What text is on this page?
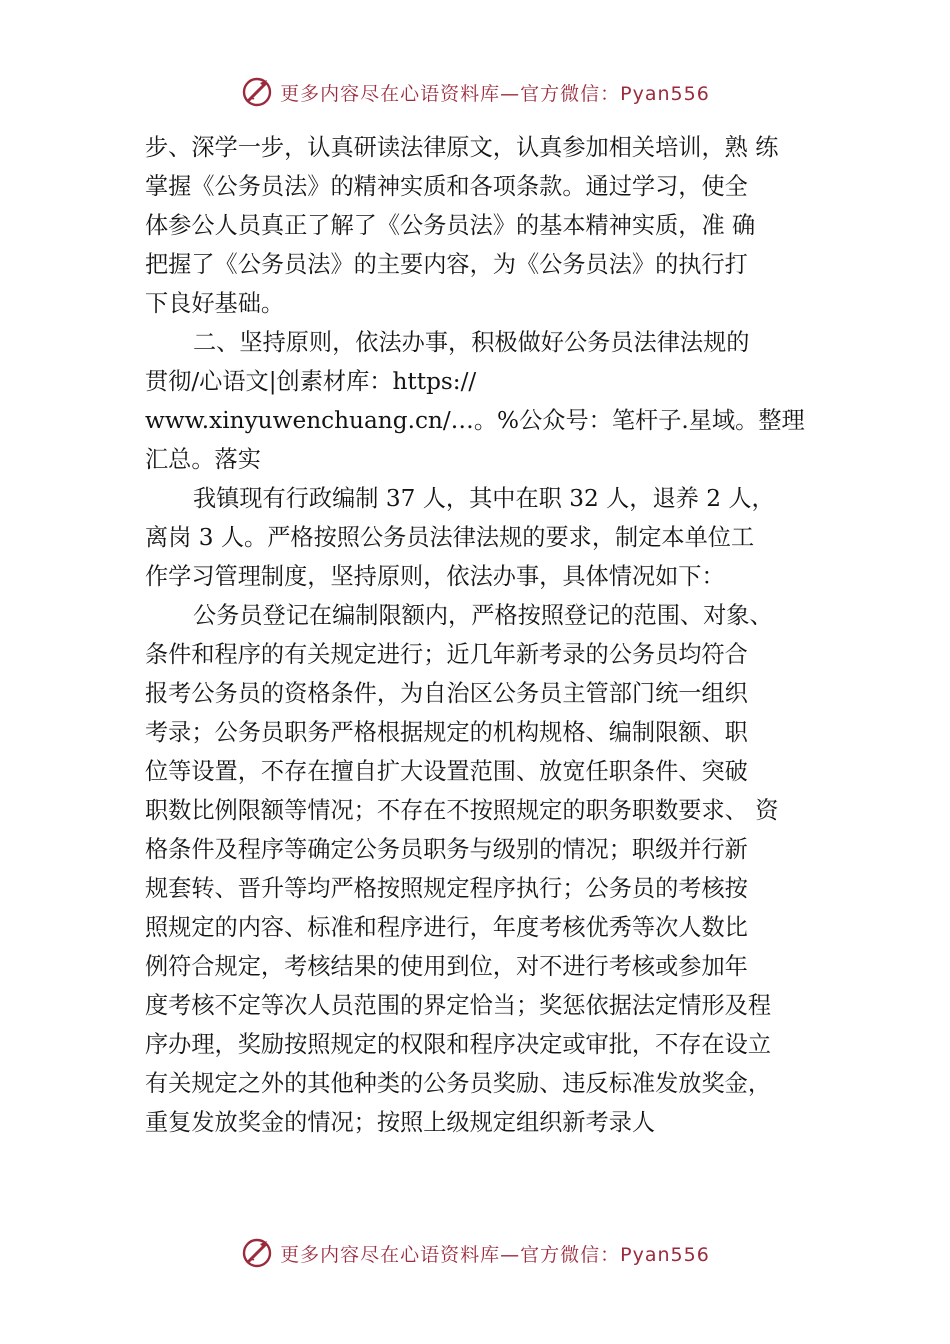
更多内容尽在心语资料库—官方微信：Pyan556
步、深学一步，认真研读法律原文，认真参加相关培训，熟 练
掌握《公务员法》的精神实质和各项条款。通过学习，使全
体参公人员真正了解了《公务员法》的基本精神实质，准 确
把握了《公务员法》的主要内容，为《公务员法》的执行打
下良好基础。
二、坚持原则，依法办事，积极做好公务员法律法规的
贯彻/心语文|创素材库：https://
www.xinyuwenchuang.cn/…。%公众号：笔杆子.星域。整理
汇总。落实
我镇现有行政编制 37 人，其中在职 32 人，退养 2 人，
离岗 3 人。严格按照公务员法律法规的要求，制定本单位工
作学习管理制度，坚持原则，依法办事，具体情况如下：
公务员登记在编制限额内，严格按照登记的范围、对象、
条件和程序的有关规定进行；近几年新考录的公务员均符合
报考公务员的资格条件，为自治区公务员主管部门统一组织
考录；公务员职务严格根据规定的机构规格、编制限额、职
位等设置，不存在擅自扩大设置范围、放宽任职条件、突破
职数比例限额等情况；不存在不按照规定的职务职数要求、 资
格条件及程序等确定公务员职务与级别的情况；职级并行新
规套转、晋升等均严格按照规定程序执行；公务员的考核按
照规定的内容、标准和程序进行，年度考核优秀等次人数比
例符合规定，考核结果的使用到位，对不进行考核或参加年
度考核不定等次人员范围的界定恰当；奖惩依据法定情形及程
序办理，奖励按照规定的权限和程序决定或审批，不存在设立
有关规定之外的其他种类的公务员奖励、违反标准发放奖金，
重复发放奖金的情况；按照上级规定组织新考录人
更多内容尽在心语资料库—官方微信：Pyan556
